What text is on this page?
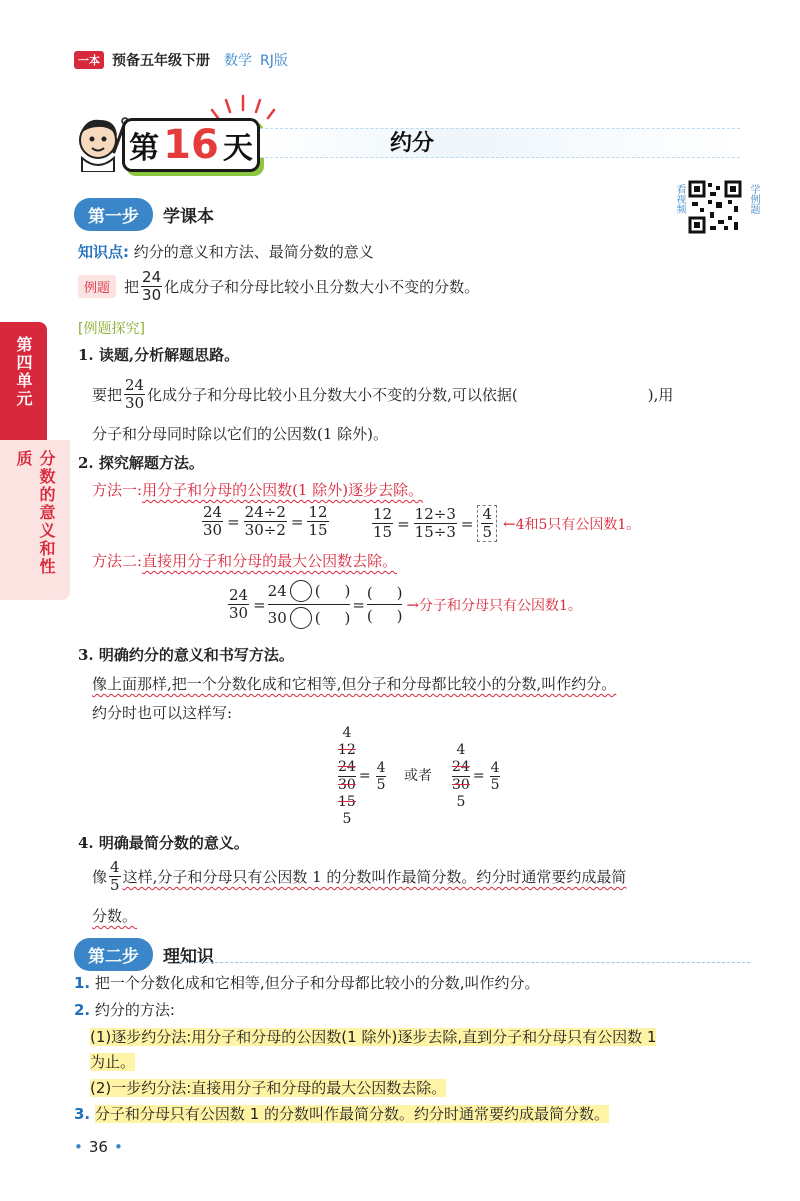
一本 预备五年级下册 数学 RJ版
第 16 天	约分
第四单元
分数的意义和性质
看视频	学例题
第一步	学课本
知识点: 约分的意义和方法、最简分数的意义
例题 把 $\frac{24}{30}$ 化成分子和分母比较小且分数大小不变的分数。
[例题探究]
1. 读题,分析解题思路。
要把 $\frac{24}{30}$ 化成分子和分母比较小且分数大小不变的分数,可以依据(	),用
分子和分母同时除以它们的公因数(1 除外)。
2. 探究解题方法。
方法一:用分子和分母的公因数(1 除外)逐步去除。
$\frac{24}{30} = \frac{24\div 2}{30\div 2} = \frac{12}{15}$	$\frac{12}{15} = \frac{12\div 3}{15\div 3} = \frac{4}{5}$ ← 4和5只有公因数1。
方法二:直接用分子和分母的最大公因数去除。
$\frac{24}{30} = \frac{24 ( )}{30 ( )}$ =
(     )
(     )
→ 分子和分母只有公因数1。
3. 明确约分的意义和书写方法。
像上面那样,把一个分数化成和它相等,但分子和分母都比较小的分数,叫作约分。
约分时也可以这样写:
4
12
24
30
15
5
= $\frac{4}{5}$ 或者
4
24
30
5
= $\frac{4}{5}$
4. 明确最简分数的意义。
像 $\frac{4}{5}$ 这样,分子和分母只有公因数 1 的分数叫作最简分数。约分时通常要约成最简
分数。
第二步	理知识
1. 把一个分数化成和它相等,但分子和分母都比较小的分数,叫作约分。
2. 约分的方法:
(1)逐步约分法:用分子和分母的公因数(1 除外)逐步去除,直到分子和分母只有公因数 1
为止。
(2)一步约分法:直接用分子和分母的最大公因数去除。
3. 分子和分母只有公因数 1 的分数叫作最简分数。约分时通常要约成最简分数。
• 36 •
